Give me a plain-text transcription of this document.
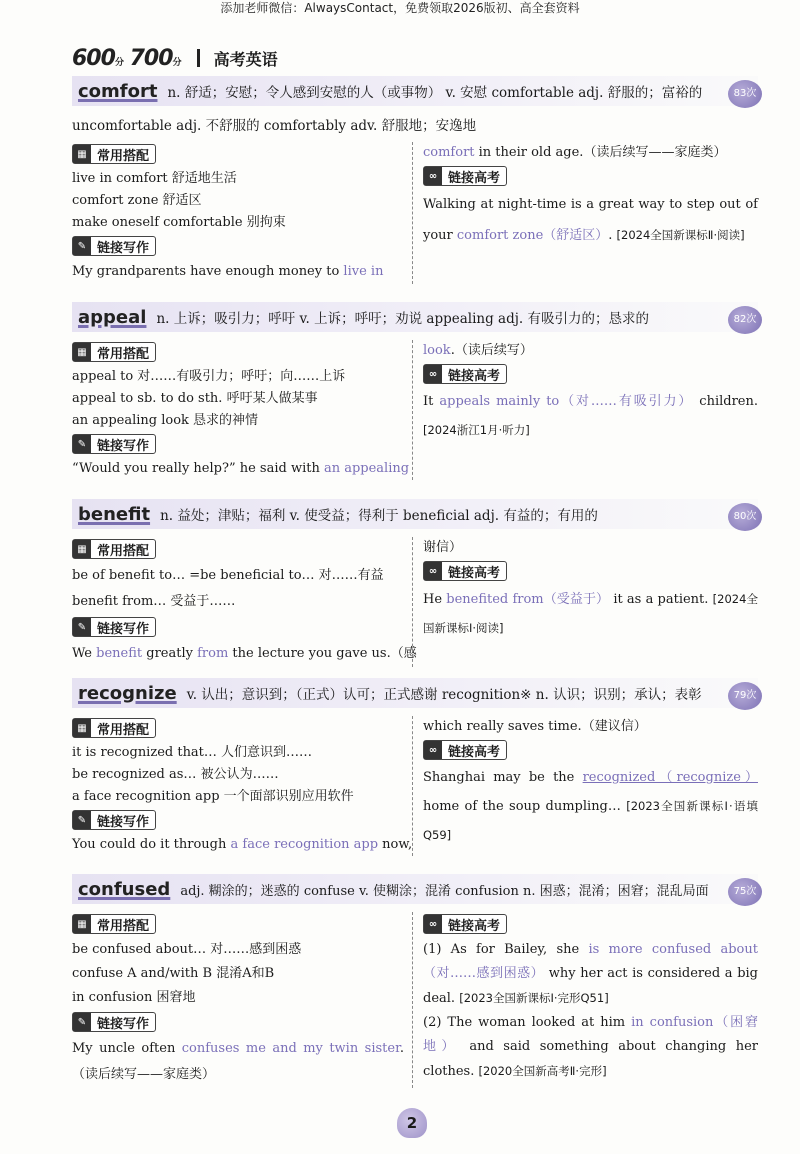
添加老师微信：AlwaysContact，免费领取2026版初、高全套资料
600分 700分 高考英语
comfort n. 舒适；安慰；令人感到安慰的人（或事物） v. 安慰 comfortable adj. 舒服的；富裕的	83次
uncomfortable adj. 不舒服的 comfortably adv. 舒服地；安逸地
▦ 常用搭配
live in comfort 舒适地生活
comfort zone 舒适区
make oneself comfortable 别拘束
✎ 链接写作
My grandparents have enough money to live in
comfort in their old age.（读后续写——家庭类）
∞ 链接高考
Walking at night-time is a great way to step out of your comfort zone（舒适区）. [2024全国新课标Ⅱ·阅读]
appeal n. 上诉；吸引力；呼吁 v. 上诉；呼吁；劝说 appealing adj. 有吸引力的；恳求的	82次
▦ 常用搭配
appeal to 对……有吸引力；呼吁；向……上诉
appeal to sb. to do sth. 呼吁某人做某事
an appealing look 恳求的神情
✎ 链接写作
“Would you really help?” he said with an appealing
look.（读后续写）
∞ 链接高考
It appeals mainly to（对……有吸引力） children. [2024浙江1月·听力]
benefit n. 益处；津贴；福利 v. 使受益；得利于 beneficial adj. 有益的；有用的	80次
▦ 常用搭配
be of benefit to… =be beneficial to… 对……有益
benefit from… 受益于……
✎ 链接写作
We benefit greatly from the lecture you gave us.（感
谢信）
∞ 链接高考
He benefited from（受益于） it as a patient. [2024全国新课标Ⅰ·阅读]
recognize v. 认出；意识到；（正式）认可；正式感谢 recognition※ n. 认识；识别；承认；表彰	79次
▦ 常用搭配
it is recognized that… 人们意识到……
be recognized as… 被公认为……
a face recognition app 一个面部识别应用软件
✎ 链接写作
You could do it through a face recognition app now,
which really saves time.（建议信）
∞ 链接高考
Shanghai may be the recognized（recognize） home of the soup dumpling… [2023全国新课标Ⅰ·语填Q59]
confused adj. 糊涂的；迷惑的 confuse v. 使糊涂；混淆 confusion n. 困惑；混淆；困窘；混乱局面	75次
▦ 常用搭配
be confused about… 对……感到困惑
confuse A and/with B 混淆A和B
in confusion 困窘地
✎ 链接写作
My uncle often confuses me and my twin sister.（读后续写——家庭类）
∞ 链接高考
(1) As for Bailey, she is more confused about（对……感到困惑） why her act is considered a big deal. [2023全国新课标Ⅰ·完形Q51]
(2) The woman looked at him in confusion（困窘地） and said something about changing her clothes. [2020全国新高考Ⅱ·完形]
2
